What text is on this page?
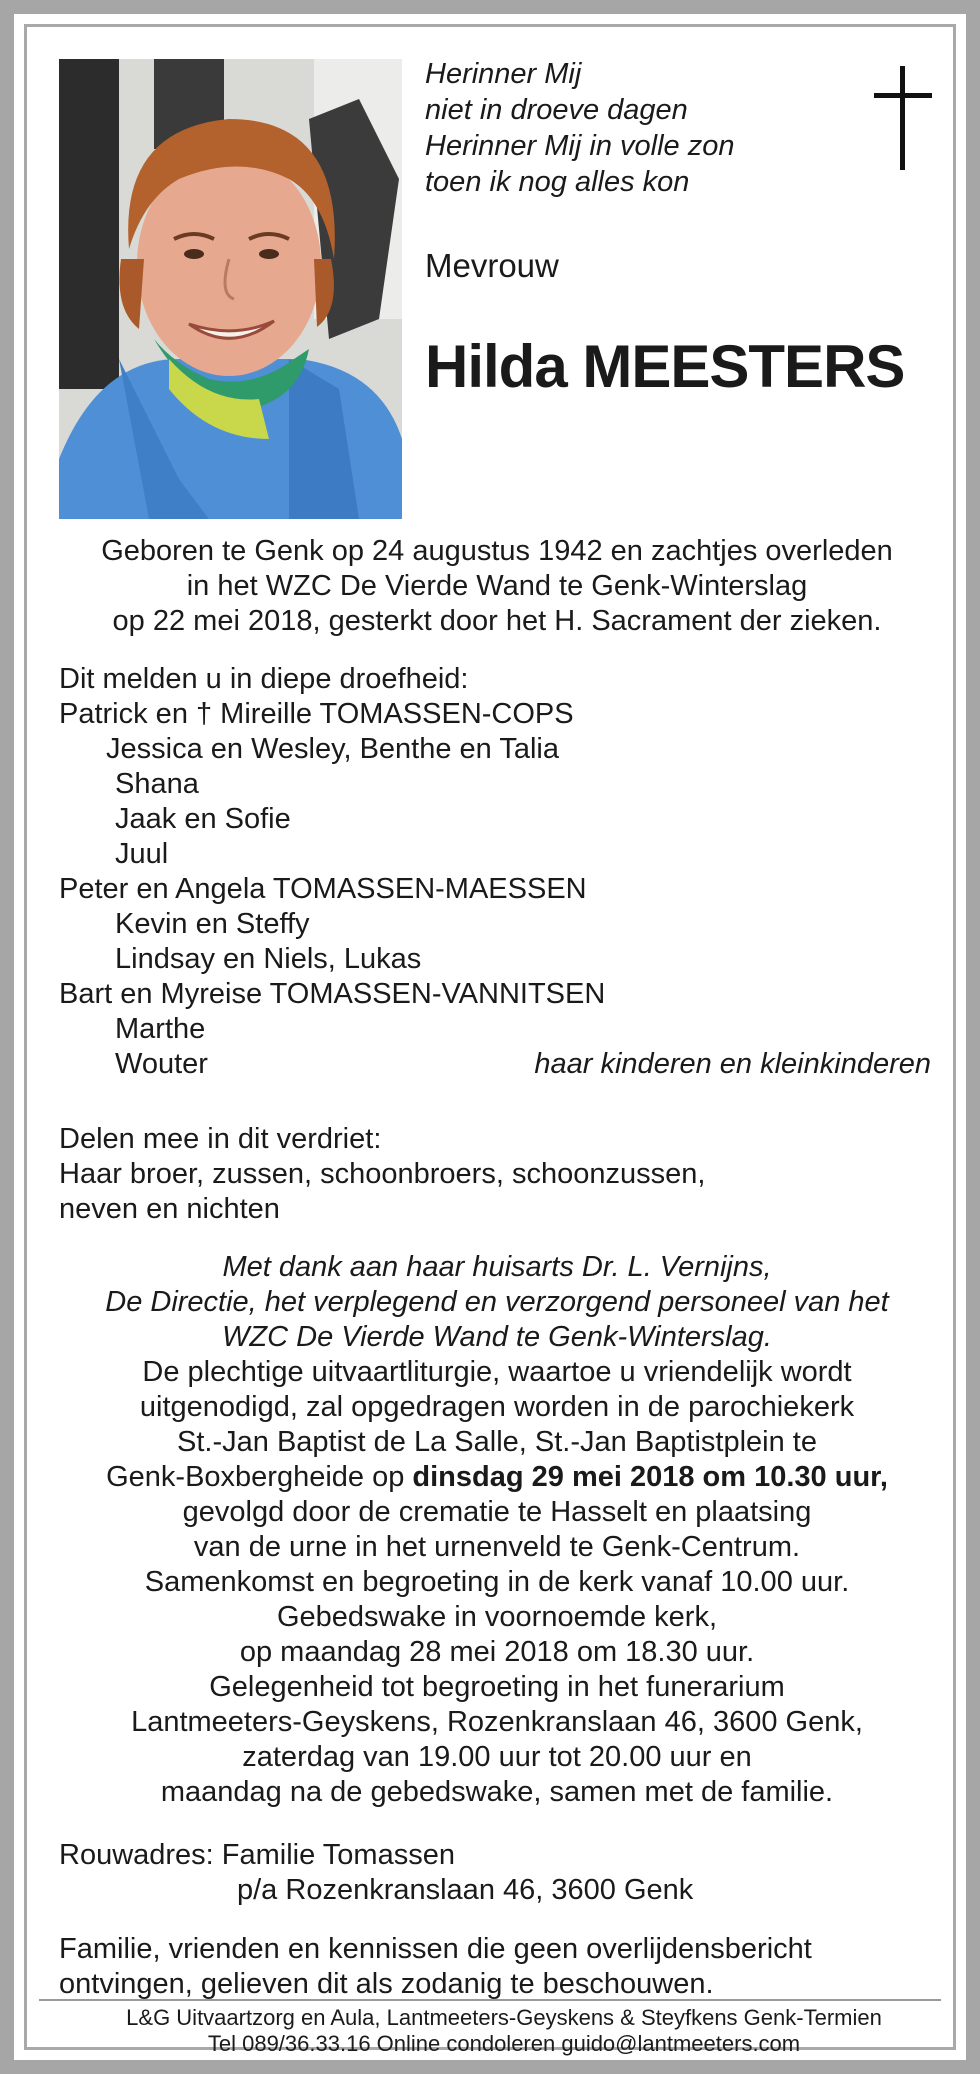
Herinner Mij
niet in droeve dagen
Herinner Mij in volle zon
toen ik nog alles kon
Mevrouw
Hilda MEESTERS
Geboren te Genk op 24 augustus 1942 en zachtjes overleden
in het WZC De Vierde Wand te Genk-Winterslag
op 22 mei 2018, gesterkt door het H. Sacrament der zieken.
Dit melden u in diepe droefheid:
Patrick en † Mireille TOMASSEN-COPS
Jessica en Wesley, Benthe en Talia
Shana
Jaak en Sofie
Juul
Peter en Angela TOMASSEN-MAESSEN
Kevin en Steffy
Lindsay en Niels, Lukas
Bart en Myreise TOMASSEN-VANNITSEN
Marthe
Wouter	haar kinderen en kleinkinderen
Delen mee in dit verdriet:
Haar broer, zussen, schoonbroers, schoonzussen,
neven en nichten
Met dank aan haar huisarts Dr. L. Vernijns,
De Directie, het verplegend en verzorgend personeel van het
WZC De Vierde Wand te Genk-Winterslag.
De plechtige uitvaartliturgie, waartoe u vriendelijk wordt
uitgenodigd, zal opgedragen worden in de parochiekerk
St.-Jan Baptist de La Salle, St.-Jan Baptistplein te
Genk-Boxbergheide op dinsdag 29 mei 2018 om 10.30 uur,
gevolgd door de crematie te Hasselt en plaatsing
van de urne in het urnenveld te Genk-Centrum.
Samenkomst en begroeting in de kerk vanaf 10.00 uur.
Gebedswake in voornoemde kerk,
op maandag 28 mei 2018 om 18.30 uur.
Gelegenheid tot begroeting in het funerarium
Lantmeeters-Geyskens, Rozenkranslaan 46, 3600 Genk,
zaterdag van 19.00 uur tot 20.00 uur en
maandag na de gebedswake, samen met de familie.
Rouwadres: Familie Tomassen
p/a Rozenkranslaan 46, 3600 Genk
Familie, vrienden en kennissen die geen overlijdensbericht
ontvingen, gelieven dit als zodanig te beschouwen.
L&G Uitvaartzorg en Aula, Lantmeeters-Geyskens & Steyfkens Genk-Termien
Tel 089/36.33.16 Online condoleren guido@lantmeeters.com
